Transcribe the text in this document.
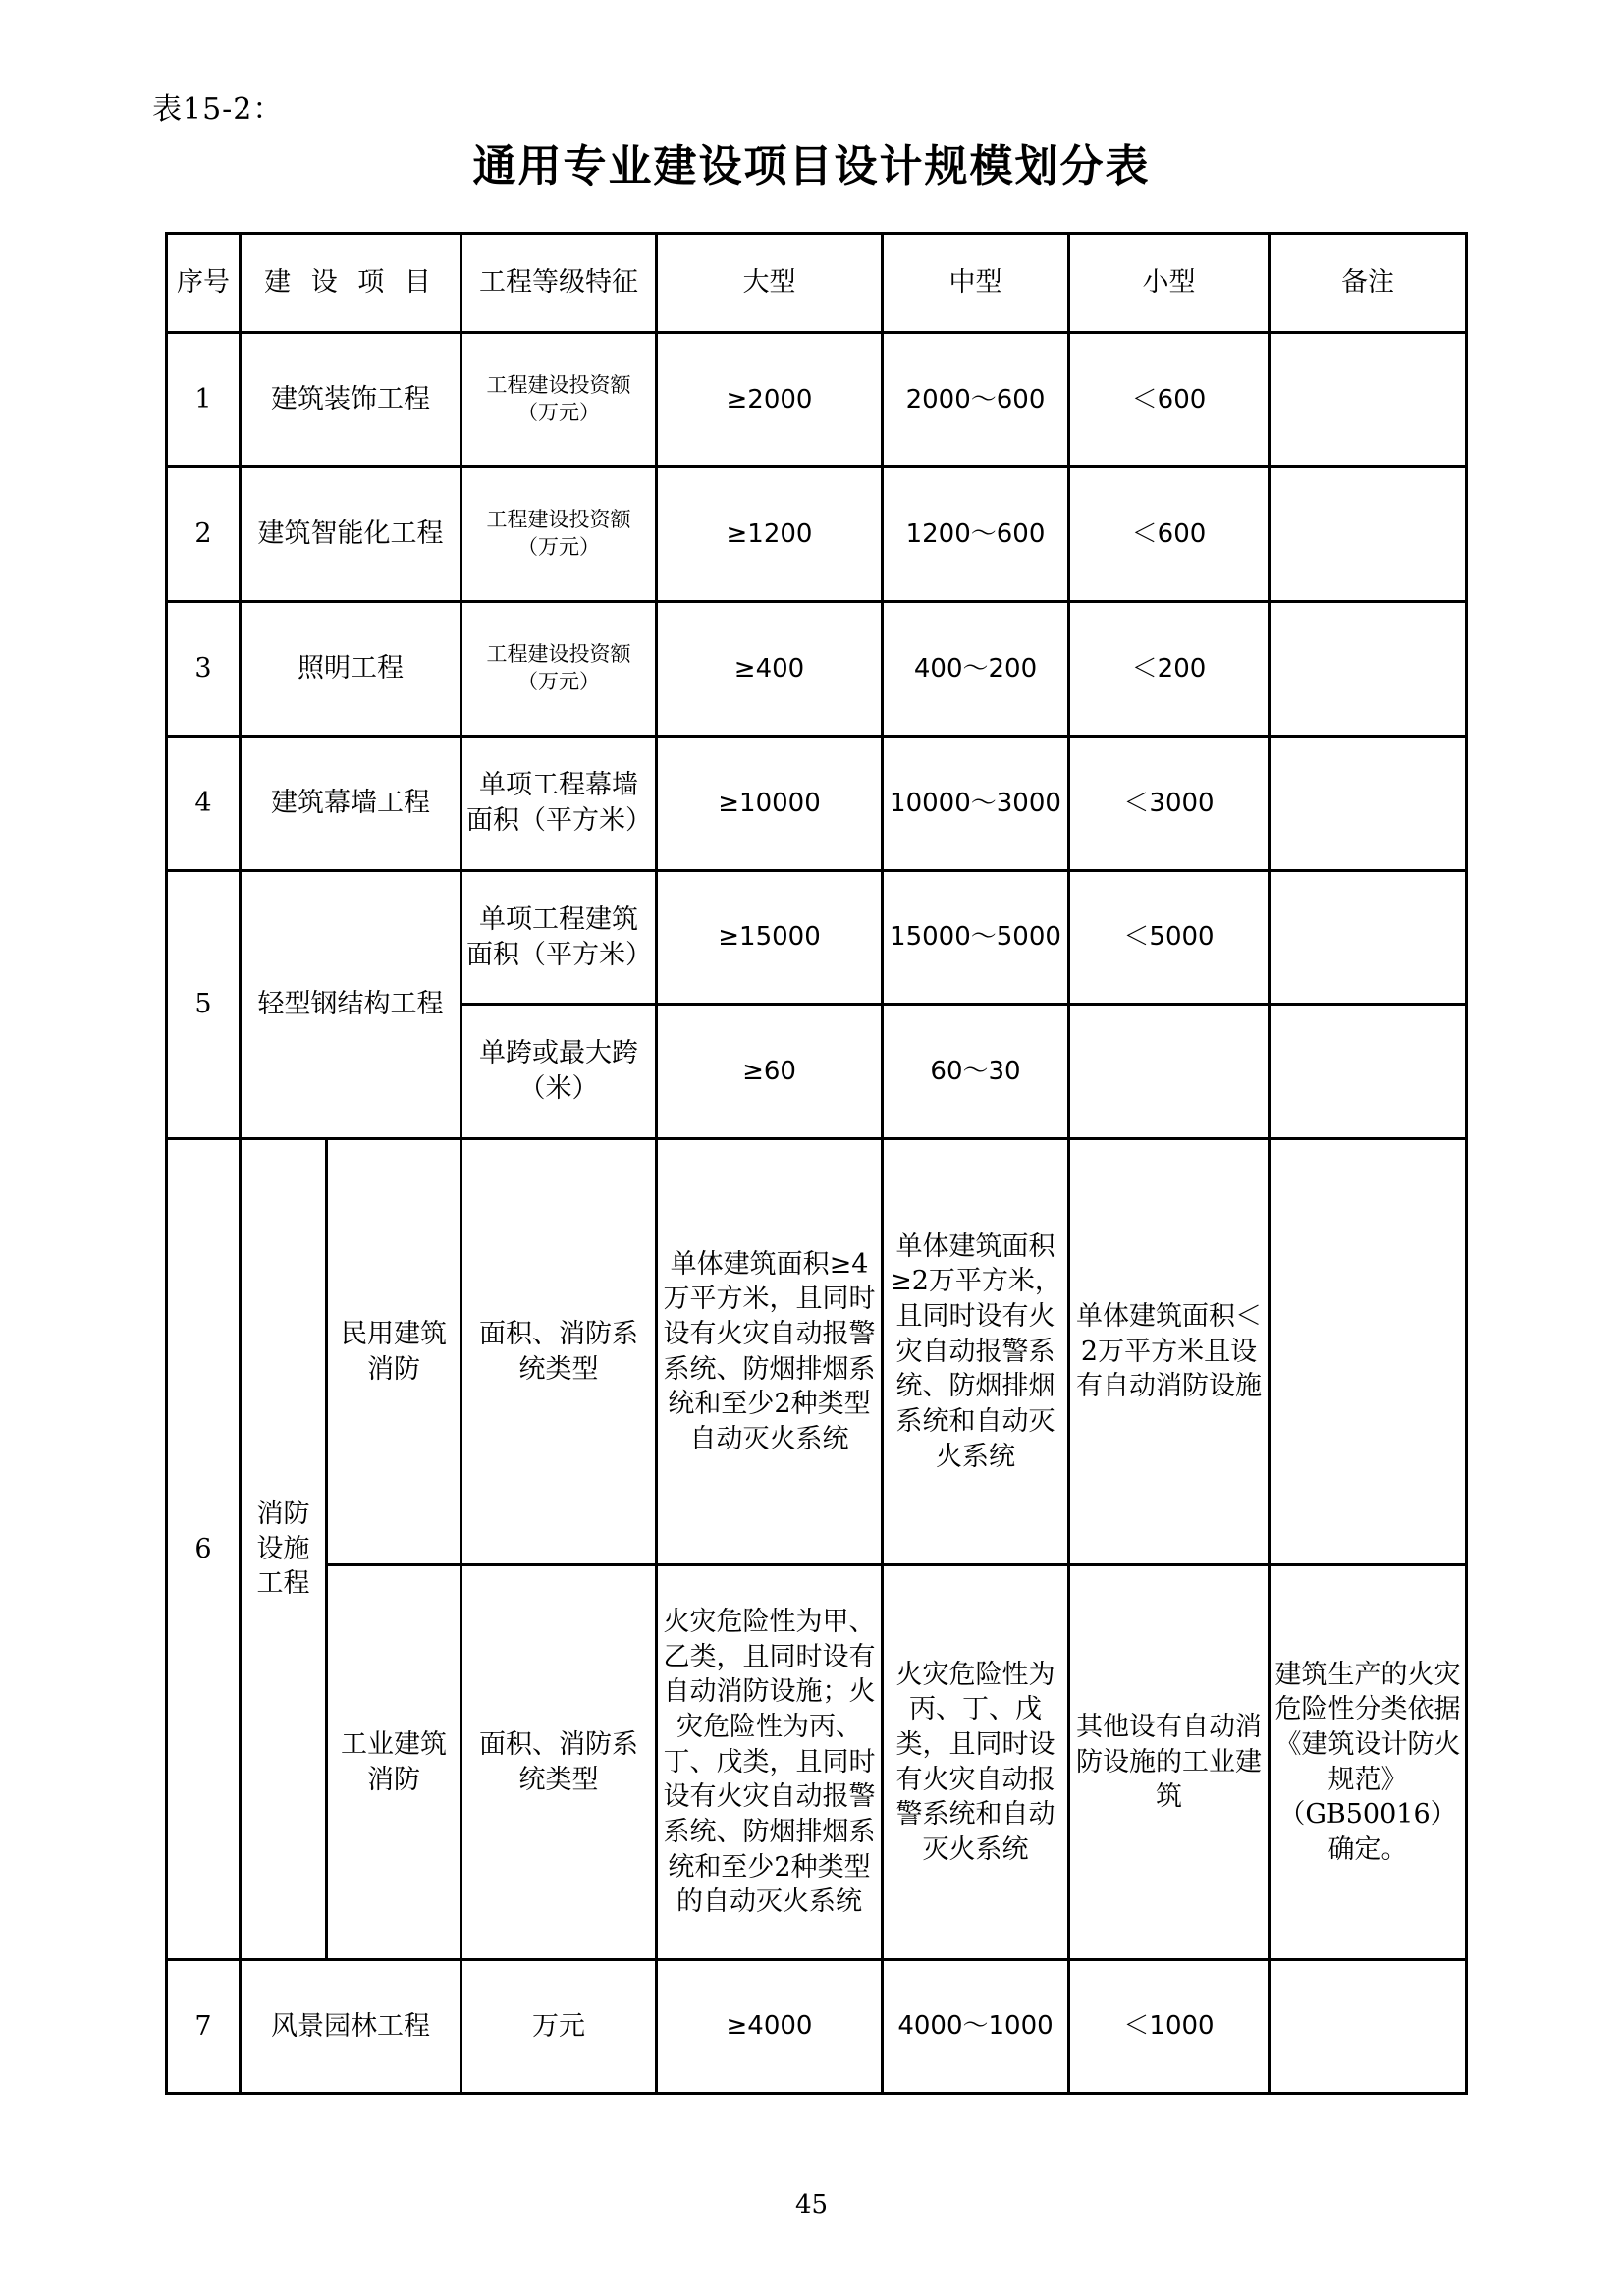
表15-2：
通用专业建设项目设计规模划分表
序号	建 设 项 目		工程等级特征	大型	中型	小型	备注
1	建筑装饰工程		工程建设投资额（万元）	≥2000	2000～600	＜600	
2	建筑智能化工程		工程建设投资额（万元）	≥1200	1200～600	＜600	
3	照明工程		工程建设投资额（万元）	≥400	400～200	＜200	
4	建筑幕墙工程		单项工程幕墙面积（平方米）	≥10000	10000～3000	＜3000	
5	轻型钢结构工程		单项工程建筑面积（平方米）	≥15000	15000～5000	＜5000	
			单跨或最大跨（米）	≥60	60～30		
6	消防设施工程	民用建筑消防	面积、消防系统类型	单体建筑面积≥4万平方米，且同时设有火灾自动报警系统、防烟排烟系统和至少2种类型自动灭火系统	单体建筑面积≥2万平方米，且同时设有火灾自动报警系统、防烟排烟系统和自动灭火系统	单体建筑面积＜2万平方米且设有自动消防设施	
		工业建筑消防	面积、消防系统类型	火灾危险性为甲、乙类，且同时设有自动消防设施；火灾危险性为丙、丁、戊类，且同时设有火灾自动报警系统、防烟排烟系统和至少2种类型的自动灭火系统	火灾危险性为丙、丁、戊类，且同时设有火灾自动报警系统和自动灭火系统	其他设有自动消防设施的工业建筑	建筑生产的火灾危险性分类依据《建筑设计防火规范》（GB50016）确定。
7	风景园林工程		万元	≥4000	4000～1000	＜1000	
45
